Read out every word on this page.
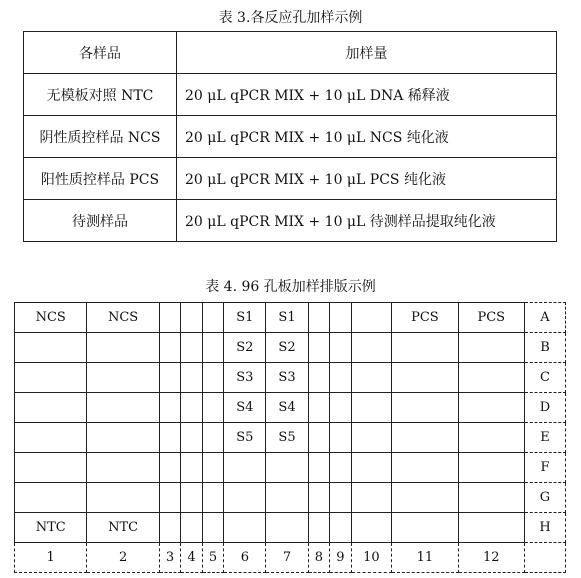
表 3.各反应孔加样示例
各样品	加样量
无模板对照 NTC	20 μL qPCR MIX + 10 μL DNA 稀释液
阴性质控样品 NCS	20 μL qPCR MIX + 10 μL NCS 纯化液
阳性质控样品 PCS	20 μL qPCR MIX + 10 μL PCS 纯化液
待测样品	20 μL qPCR MIX + 10 μL 待测样品提取纯化液
表 4. 96 孔板加样排版示例
NCS	NCS				S1	S1				PCS	PCS	A
					S2	S2						B
					S3	S3						C
					S4	S4						D
					S5	S5						E
												F
												G
NTC	NTC											H
1	2	3	4	5	6	7	8	9	10	11	12	
